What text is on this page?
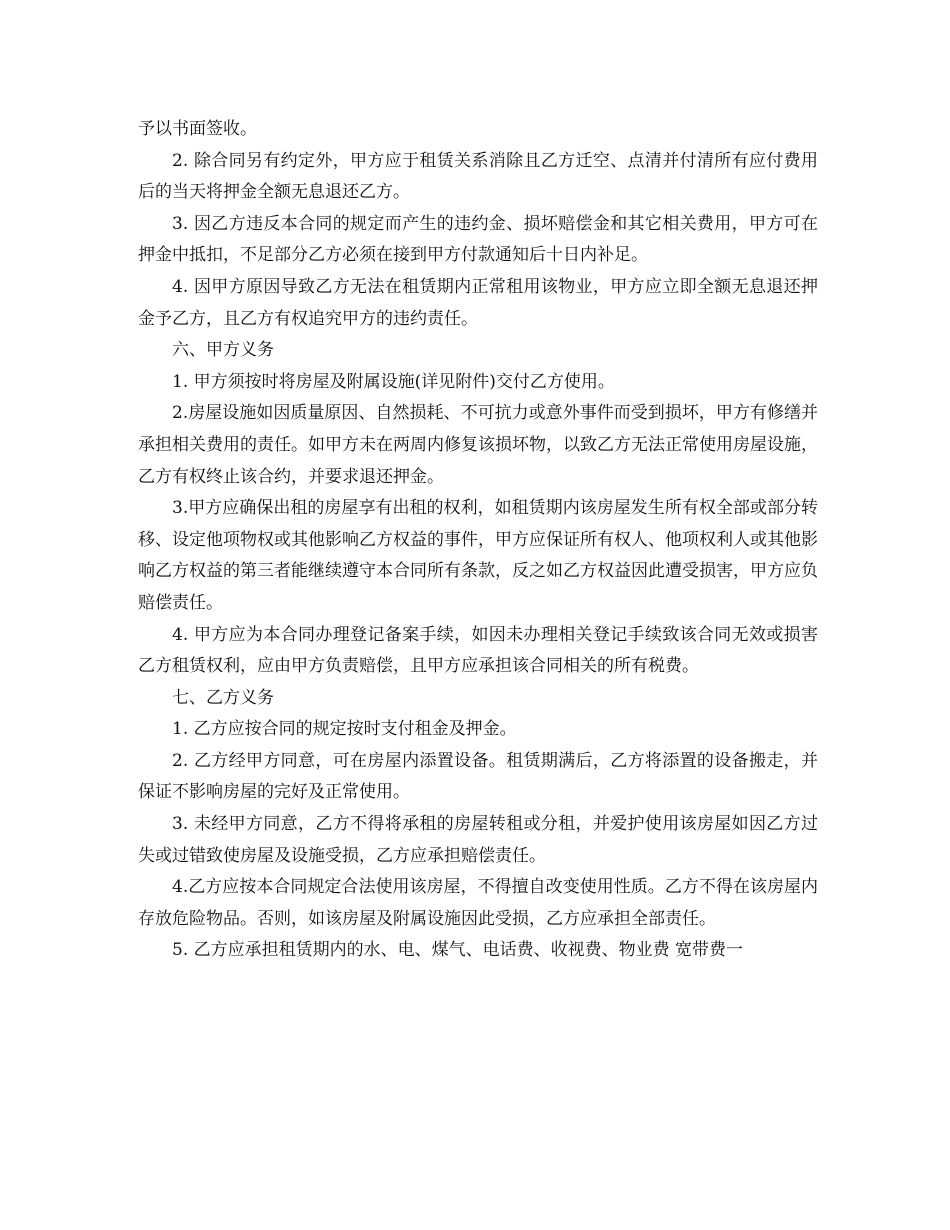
予以书面签收。

2. 除合同另有约定外，甲方应于租赁关系消除且乙方迁空、点清并付清所有应付费用后的当天将押金全额无息退还乙方。

3. 因乙方违反本合同的规定而产生的违约金、损坏赔偿金和其它相关费用，甲方可在押金中抵扣，不足部分乙方必须在接到甲方付款通知后十日内补足。

4. 因甲方原因导致乙方无法在租赁期内正常租用该物业，甲方应立即全额无息退还押金予乙方，且乙方有权追究甲方的违约责任。

六、甲方义务

1. 甲方须按时将房屋及附属设施(详见附件)交付乙方使用。

2.房屋设施如因质量原因、自然损耗、不可抗力或意外事件而受到损坏，甲方有修缮并承担相关费用的责任。如甲方未在两周内修复该损坏物，以致乙方无法正常使用房屋设施，乙方有权终止该合约，并要求退还押金。

3.甲方应确保出租的房屋享有出租的权利，如租赁期内该房屋发生所有权全部或部分转移、设定他项物权或其他影响乙方权益的事件，甲方应保证所有权人、他项权利人或其他影响乙方权益的第三者能继续遵守本合同所有条款，反之如乙方权益因此遭受损害，甲方应负赔偿责任。

4. 甲方应为本合同办理登记备案手续，如因未办理相关登记手续致该合同无效或损害乙方租赁权利，应由甲方负责赔偿，且甲方应承担该合同相关的所有税费。

七、乙方义务

1. 乙方应按合同的规定按时支付租金及押金。

2. 乙方经甲方同意，可在房屋内添置设备。租赁期满后，乙方将添置的设备搬走，并保证不影响房屋的完好及正常使用。

3. 未经甲方同意，乙方不得将承租的房屋转租或分租，并爱护使用该房屋如因乙方过失或过错致使房屋及设施受损，乙方应承担赔偿责任。

4.乙方应按本合同规定合法使用该房屋，不得擅自改变使用性质。乙方不得在该房屋内存放危险物品。否则，如该房屋及附属设施因此受损，乙方应承担全部责任。

5. 乙方应承担租赁期内的水、电、煤气、电话费、收视费、物业费 宽带费一
